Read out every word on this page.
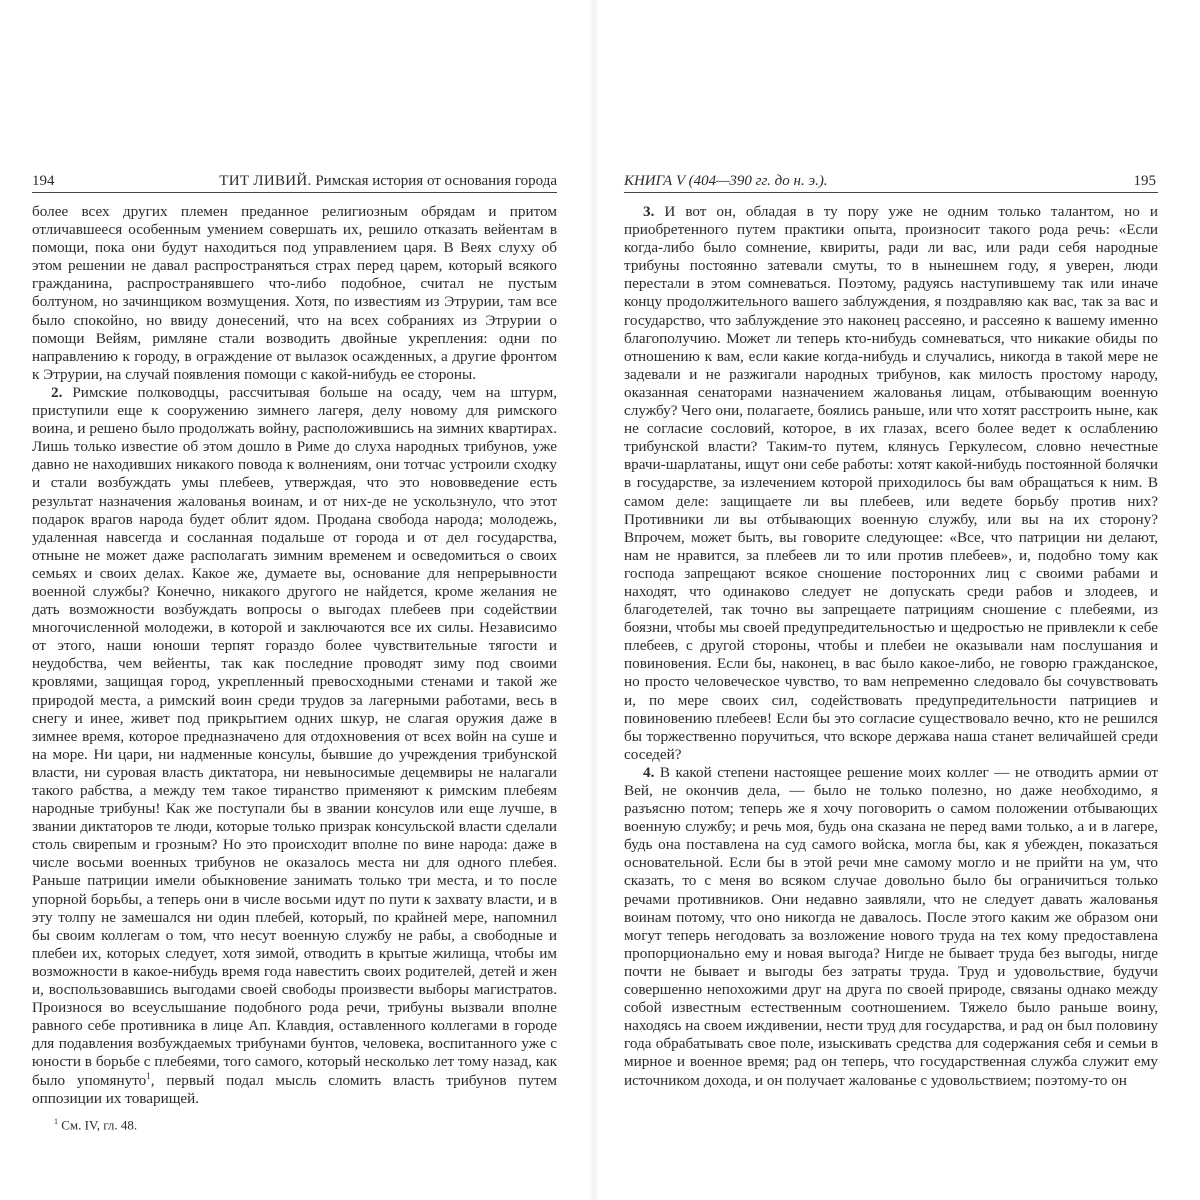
194	ТИТ ЛИВИЙ. Римская история от основания города

более всех других племен преданное религиозным обрядам и притом отличавшееся особенным умением совершать их, решило отказать вейентам в помощи, пока они будут находиться под управлением царя. В Веях слуху об этом решении не давал распространяться страх перед царем, который всякого гражданина, распространявшего что-либо подобное, считал не пустым болтуном, но зачинщиком возмущения. Хотя, по известиям из Этрурии, там все было спокойно, но ввиду донесений, что на всех собраниях из Этрурии о помощи Вейям, римляне стали возводить двойные укрепления: одни по направлению к городу, в ограждение от вылазок осажденных, а другие фронтом к Этрурии, на случай появления помощи с какой-нибудь ее стороны.

2. Римские полководцы, рассчитывая больше на осаду, чем на штурм, приступили еще к сооружению зимнего лагеря, делу новому для римского воина, и решено было продолжать войну, расположившись на зимних квартирах. Лишь только известие об этом дошло в Риме до слуха народных трибунов, уже давно не находивших никакого повода к волнениям, они тотчас устроили сходку и стали возбуждать умы плебеев, утверждая, что это нововведение есть результат назначения жалованья воинам, и от них-де не ускользнуло, что этот подарок врагов народа будет облит ядом. Продана свобода народа; молодежь, удаленная навсегда и сосланная подальше от города и от дел государства, отныне не может даже располагать зимним временем и осведомиться о своих семьях и своих делах. Какое же, думаете вы, основание для непрерывности военной службы? Конечно, никакого другого не найдется, кроме желания не дать возможности возбуждать вопросы о выгодах плебеев при содействии многочисленной молодежи, в которой и заключаются все их силы. Независимо от этого, наши юноши терпят гораздо более чувствительные тягости и неудобства, чем вейенты, так как последние проводят зиму под своими кровлями, защищая город, укрепленный превосходными стенами и такой же природой места, а римский воин среди трудов за лагерными работами, весь в снегу и инее, живет под прикрытием одних шкур, не слагая оружия даже в зимнее время, которое предназначено для отдохновения от всех войн на суше и на море. Ни цари, ни надменные консулы, бывшие до учреждения трибунской власти, ни суровая власть диктатора, ни невыносимые децемвиры не налагали такого рабства, а между тем такое тиранство применяют к римским плебеям народные трибуны! Как же поступали бы в звании консулов или еще лучше, в звании диктаторов те люди, которые только призрак консульской власти сделали столь свирепым и грозным? Но это происходит вполне по вине народа: даже в числе восьми военных трибунов не оказалось места ни для одного плебея. Раньше патриции имели обыкновение занимать только три места, и то после упорной борьбы, а теперь они в числе восьми идут по пути к захвату власти, и в эту толпу не замешался ни один плебей, который, по крайней мере, напомнил бы своим коллегам о том, что несут военную службу не рабы, а свободные и плебеи их, которых следует, хотя зимой, отводить в крытые жилища, чтобы им возможности в какое-нибудь время года навестить своих родителей, детей и жен и, воспользовавшись выгодами своей свободы произвести выборы магистратов. Произнося во всеуслышание подобного рода речи, трибуны вызвали вполне равного себе противника в лице Ап. Клавдия, оставленного коллегами в городе для подавления возбуждаемых трибунами бунтов, человека, воспитанного уже с юности в борьбе с плебеями, того самого, который несколько лет тому назад, как было упомянуто$^1$, первый подал мысль сломить власть трибунов путем оппозиции их товарищей.

$^1$ См. IV, гл. 48.
КНИГА V (404—390 гг. до н. э.).	195

3. И вот он, обладая в ту пору уже не одним только талантом, но и приобретенного путем практики опыта, произносит такого рода речь: «Если когда-либо было сомнение, квириты, ради ли вас, или ради себя народные трибуны постоянно затевали смуты, то в нынешнем году, я уверен, люди перестали в этом сомневаться. Поэтому, радуясь наступившему так или иначе концу продолжительного вашего заблуждения, я поздравляю как вас, так за вас и государство, что заблуждение это наконец рассеяно, и рассеяно к вашему именно благополучию. Может ли теперь кто-нибудь сомневаться, что никакие обиды по отношению к вам, если какие когда-нибудь и случались, никогда в такой мере не задевали и не разжигали народных трибунов, как милость простому народу, оказанная сенаторами назначением жалованья лицам, отбывающим военную службу? Чего они, полагаете, боялись раньше, или что хотят расстроить ныне, как не согласие сословий, которое, в их глазах, всего более ведет к ослаблению трибунской власти? Таким-то путем, клянусь Геркулесом, словно нечестные врачи-шарлатаны, ищут они себе работы: хотят какой-нибудь постоянной болячки в государстве, за излечением которой приходилось бы вам обращаться к ним. В самом деле: защищаете ли вы плебеев, или ведете борьбу против них? Противники ли вы отбывающих военную службу, или вы на их сторону? Впрочем, может быть, вы говорите следующее: «Все, что патриции ни делают, нам не нравится, за плебеев ли то или против плебеев», и, подобно тому как господа запрещают всякое сношение посторонних лиц с своими рабами и находят, что одинаково следует не допускать среди рабов и злодеев, и благодетелей, так точно вы запрещаете патрициям сношение с плебеями, из боязни, чтобы мы своей предупредительностью и щедростью не привлекли к себе плебеев, с другой стороны, чтобы и плебеи не оказывали нам послушания и повиновения. Если бы, наконец, в вас было какое-либо, не говорю гражданское, но просто человеческое чувство, то вам непременно следовало бы сочувствовать и, по мере своих сил, содействовать предупредительности патрициев и повиновению плебеев! Если бы это согласие существовало вечно, кто не решился бы торжественно поручиться, что вскоре держава наша станет величайшей среди соседей?

4. В какой степени настоящее решение моих коллег — не отводить армии от Вей, не окончив дела, — было не только полезно, но даже необходимо, я разъясню потом; теперь же я хочу поговорить о самом положении отбывающих военную службу; и речь моя, будь она сказана не перед вами только, а и в лагере, будь она поставлена на суд самого войска, могла бы, как я убежден, показаться основательной. Если бы в этой речи мне самому могло и не прийти на ум, что сказать, то с меня во всяком случае довольно было бы ограничиться только речами противников. Они недавно заявляли, что не следует давать жалованья воинам потому, что оно никогда не давалось. После этого каким же образом они могут теперь негодовать за возложение нового труда на тех кому предоставлена пропорционально ему и новая выгода? Нигде не бывает труда без выгоды, нигде почти не бывает и выгоды без затраты труда. Труд и удовольствие, будучи совершенно непохожими друг на друга по своей природе, связаны однако между собой известным естественным соотношением. Тяжело было раньше воину, находясь на своем иждивении, нести труд для государства, и рад он был половину года обрабатывать свое поле, изыскивать средства для содержания себя и семьи в мирное и военное время; рад он теперь, что государственная служба служит ему источником дохода, и он получает жалованье с удовольствием; поэтому-то он
